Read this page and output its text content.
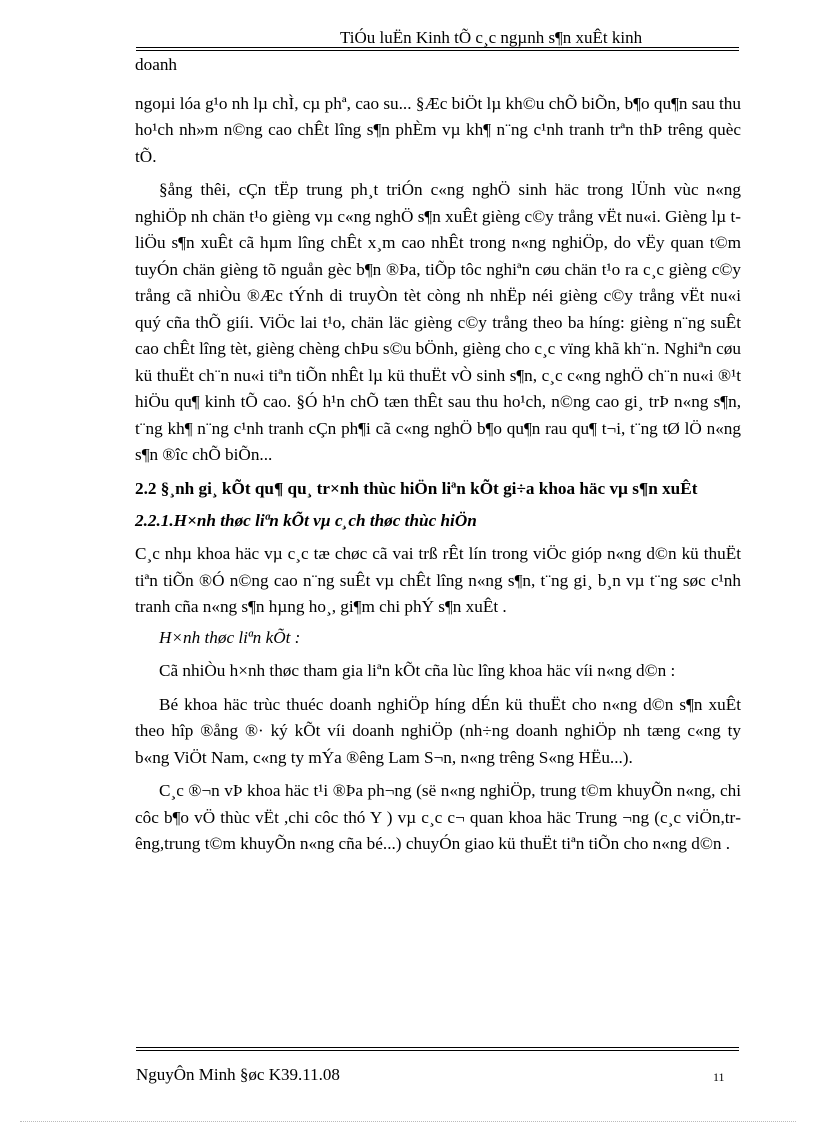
TiÓu luËn Kinh tÕ c¸c ngµnh s¶n xuÊt kinh

doanh

ngoµi lóa g¹o nh lµ chÌ, cµ phª, cao su... §Æc biÖt lµ kh©u chÕ biÕn, b¶o qu¶n sau thu ho¹ch nh»m n©ng cao chÊt lîng s¶n phÈm vµ kh¶ n¨ng c¹nh tranh trªn thÞ trêng quèc tÕ.

§ång thêi, cÇn tËp trung ph¸t triÓn c«ng nghÖ sinh häc trong lÜnh vùc n«ng nghiÖp nh chän t¹o gièng vµ c«ng nghÖ s¶n xuÊt gièng c©y trång vËt nu«i. Gièng lµ t liÖu s¶n xuÊt cã hµm lîng chÊt x¸m cao nhÊt trong n«ng nghiÖp, do vËy quan t©m tuyÓn chän gièng tõ nguån gèc b¶n ®Þa, tiÕp tôc nghiªn cøu chän t¹o ra c¸c gièng c©y trång cã nhiÒu ®Æc tÝnh di truyÒn tèt còng nh nhËp néi gièng c©y trång vËt nu«i quý cña thÕ giíi. ViÖc lai t¹o, chän läc gièng c©y trång theo ba híng: gièng n¨ng suÊt cao chÊt lîng tèt, gièng chèng chÞu s©u bÖnh, gièng cho c¸c vïng khã kh¨n. Nghiªn cøu kü thuËt ch¨n nu«i tiªn tiÕn nhÊt lµ kü thuËt vÒ sinh s¶n, c¸c c«ng nghÖ ch¨n nu«i ®¹t hiÖu qu¶ kinh tÕ cao. §Ó h¹n chÕ tæn thÊt sau thu ho¹ch, n©ng cao gi¸ trÞ n«ng s¶n, t¨ng kh¶ n¨ng c¹nh tranh cÇn ph¶i cã c«ng nghÖ b¶o qu¶n rau qu¶ t¬i, t¨ng tØ lÖ n«ng s¶n ®îc chÕ biÕn...

2.2 §¸nh gi¸ kÕt qu¶ qu¸ tr×nh thùc hiÖn liªn kÕt gi÷a khoa häc vµ s¶n xuÊt

2.2.1.H×nh thøc liªn kÕt vµ c¸ch thøc thùc hiÖn

C¸c nhµ khoa häc vµ c¸c tæ chøc cã vai trß rÊt lín trong viÖc gióp n«ng d©n kü thuËt tiªn tiÕn ®Ó n©ng cao n¨ng suÊt vµ chÊt lîng n«ng s¶n, t¨ng gi¸ b¸n vµ t¨ng søc c¹nh tranh cña n«ng s¶n hµng ho¸, gi¶m chi phÝ s¶n xuÊt .

H×nh thøc liªn kÕt :

Cã nhiÒu h×nh thøc tham gia liªn kÕt cña lùc lîng khoa häc víi n«ng d©n :

Bé khoa häc trùc thuéc doanh nghiÖp híng dÉn kü thuËt cho n«ng d©n s¶n xuÊt theo hîp ®ång ®· ký kÕt víi doanh nghiÖp (nh÷ng doanh nghiÖp nh tæng c«ng ty b«ng ViÖt Nam, c«ng ty mÝa ®êng Lam S¬n, n«ng trêng S«ng HËu...).

C¸c ®¬n vÞ khoa häc t¹i ®Þa ph¬ng (së n«ng nghiÖp, trung t©m khuyÕn n«ng, chi côc b¶o vÖ thùc vËt ,chi côc thó Y ) vµ c¸c c¬ quan khoa häc Trung ¬ng (c¸c viÖn,trêng,trung t©m khuyÕn n«ng cña bé...) chuyÓn giao kü thuËt tiªn tiÕn cho n«ng d©n .

NguyÔn Minh §øc K39.11.08	11
